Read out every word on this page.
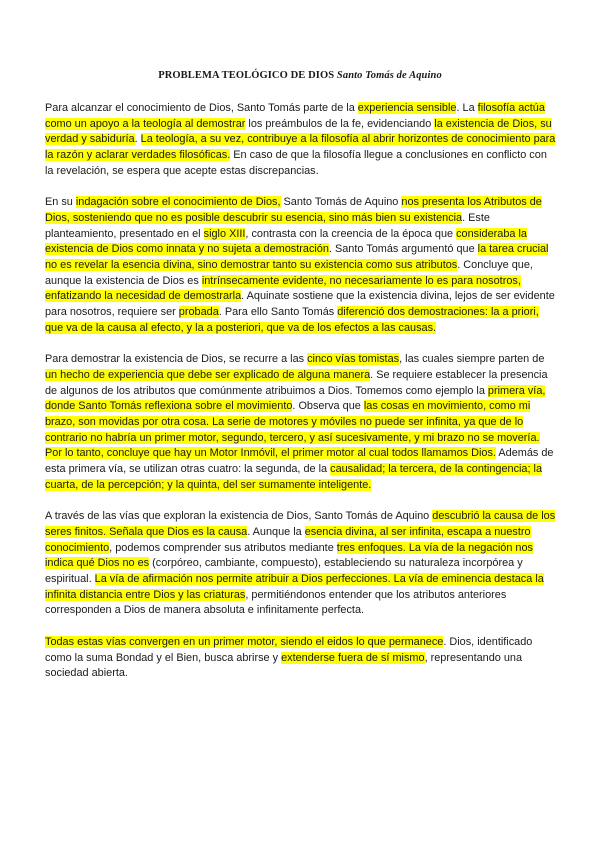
PROBLEMA TEOLÓGICO DE DIOS Santo Tomás de Aquino

Para alcanzar el conocimiento de Dios, Santo Tomás parte de la experiencia sensible. La filosofía actúa como un apoyo a la teología al demostrar los preámbulos de la fe, evidenciando la existencia de Dios, su verdad y sabiduría. La teología, a su vez, contribuye a la filosofía al abrir horizontes de conocimiento para la razón y aclarar verdades filosóficas. En caso de que la filosofía llegue a conclusiones en conflicto con la revelación, se espera que acepte estas discrepancias.

En su indagación sobre el conocimiento de Dios, Santo Tomás de Aquino nos presenta los Atributos de Dios, sosteniendo que no es posible descubrir su esencia, sino más bien su existencia. Este planteamiento, presentado en el siglo XIII, contrasta con la creencia de la época que consideraba la existencia de Dios como innata y no sujeta a demostración. Santo Tomás argumentó que la tarea crucial no es revelar la esencia divina, sino demostrar tanto su existencia como sus atributos. Concluye que, aunque la existencia de Dios es intrínsecamente evidente, no necesariamente lo es para nosotros, enfatizando la necesidad de demostrarla. Aquinate sostiene que la existencia divina, lejos de ser evidente para nosotros, requiere ser probada. Para ello Santo Tomás diferenció dos demostraciones: la a priori, que va de la causa al efecto, y la a posteriori, que va de los efectos a las causas.

Para demostrar la existencia de Dios, se recurre a las cinco vías tomistas, las cuales siempre parten de un hecho de experiencia que debe ser explicado de alguna manera. Se requiere establecer la presencia de algunos de los atributos que comúnmente atribuimos a Dios. Tomemos como ejemplo la primera vía, donde Santo Tomás reflexiona sobre el movimiento. Observa que las cosas en movimiento, como mi brazo, son movidas por otra cosa. La serie de motores y móviles no puede ser infinita, ya que de lo contrario no habría un primer motor, segundo, tercero, y así sucesivamente, y mi brazo no se movería. Por lo tanto, concluye que hay un Motor Inmóvil, el primer motor al cual todos llamamos Dios. Además de esta primera vía, se utilizan otras cuatro: la segunda, de la causalidad; la tercera, de la contingencia; la cuarta, de la percepción; y la quinta, del ser sumamente inteligente.

A través de las vías que exploran la existencia de Dios, Santo Tomás de Aquino descubrió la causa de los seres finitos. Señala que Dios es la causa. Aunque la esencia divina, al ser infinita, escapa a nuestro conocimiento, podemos comprender sus atributos mediante tres enfoques. La vía de la negación nos indica qué Dios no es (corpóreo, cambiante, compuesto), estableciendo su naturaleza incorpórea y espiritual. La vía de afirmación nos permite atribuir a Dios perfecciones. La vía de eminencia destaca la infinita distancia entre Dios y las criaturas, permitiéndonos entender que los atributos anteriores corresponden a Dios de manera absoluta e infinitamente perfecta.

Todas estas vías convergen en un primer motor, siendo el eidos lo que permanece. Dios, identificado como la suma Bondad y el Bien, busca abrirse y extenderse fuera de sí mismo, representando una sociedad abierta.
